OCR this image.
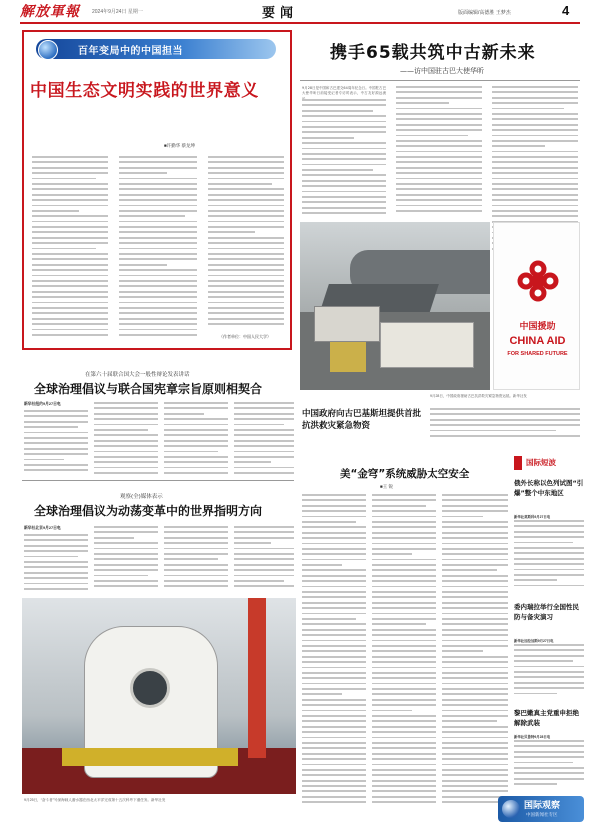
解放軍報 2024年9月24日 星期一	要闻	版面编辑/高德胜 王梦杰	4
百年变局中的中国担当
中国生态文明实践的世界意义
■许勤华 蔡龙坤
（作者单位：中国人民大学）
携手65载共筑中古新未来
——访中国驻古巴大使华昕
9月28日是中国和古巴建交64周年纪念日。中国驻古巴大使华昕日前接受记者专访时表示，中古友好源远流
中国援助
CHINA AID
FOR SHARED FUTURE
9月28日，中国政府援助古巴抗洪救灾紧急物资运抵。新华社发
中国政府向古巴基斯坦提供首批抗洪救灾紧急物资
在第六十届联合国大会一般性辩论发表讲话
全球治理倡议与联合国宪章宗旨原则相契合
新华社纽约9月27日电
观察(全)媒体表示
全球治理倡议为动荡变革中的世界指明方向
新华社北京9月27日电
9月25日，“奋斗者”号深海载人潜水器在西北太平洋完成第十五次科考下潜任务。新华社发
美“金穹”系统威胁太空安全
■王 锐
国际短波
俄外长称以色列试图“引爆”整个中东地区
新华社莫斯科9月27日电
委内瑞拉举行全国性民防与备灾演习
新华社加拉加斯9月27日电
黎巴嫩真主党重申拒绝解除武装
新华社贝鲁特9月28日电
国际观察
中国新闻社专区
